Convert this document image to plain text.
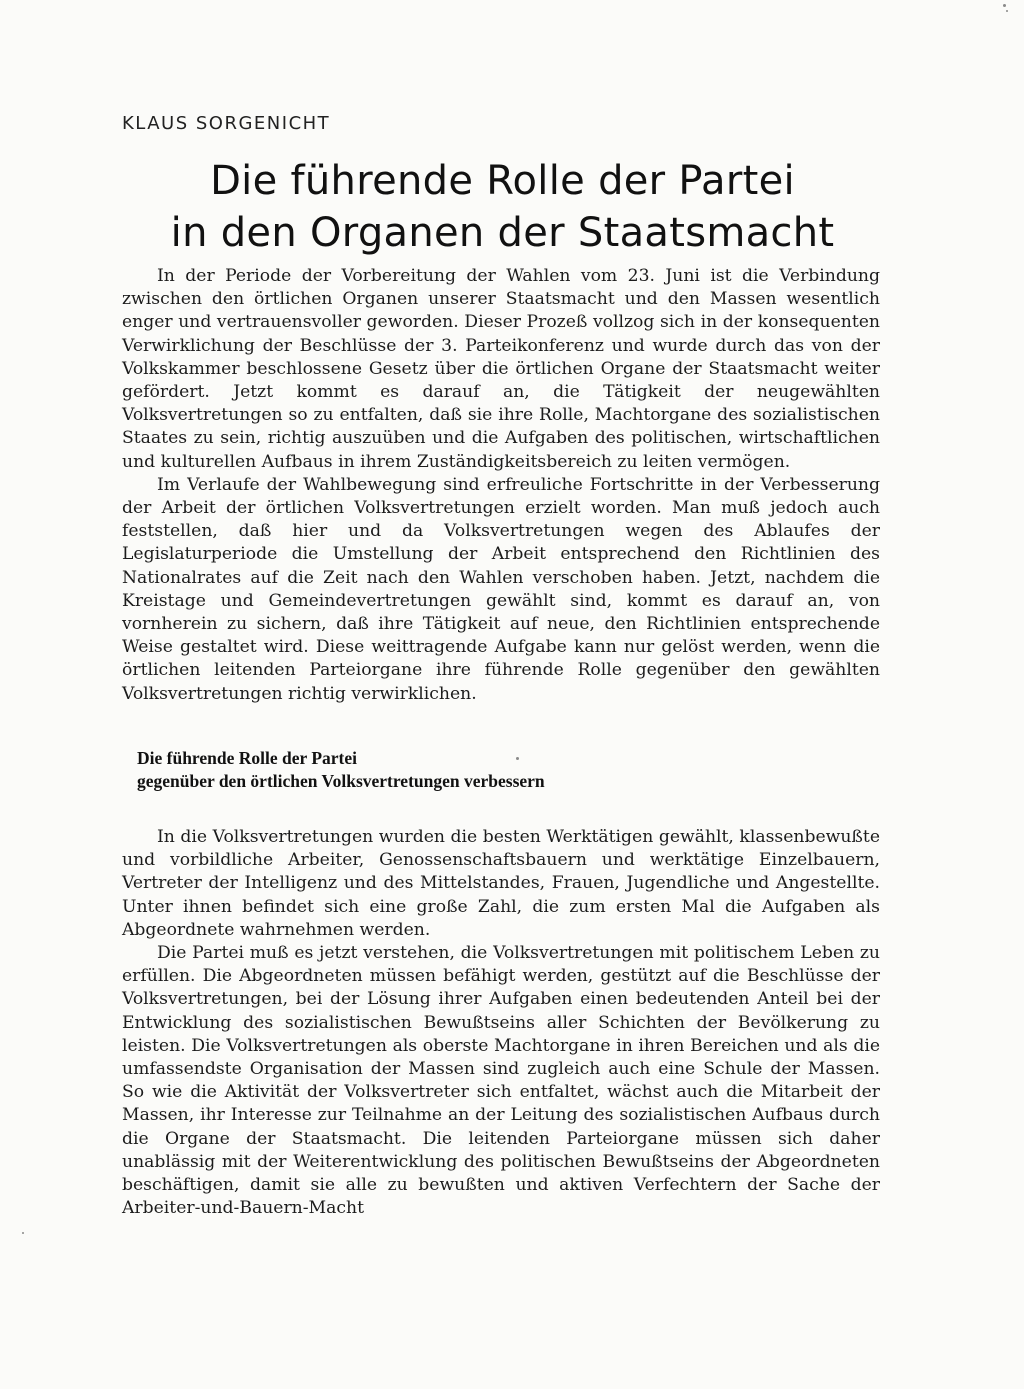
KLAUS SORGENICHT
Die führende Rolle der Partei
in den Organen der Staatsmacht

In der Periode der Vorbereitung der Wahlen vom 23. Juni ist die Verbindung zwischen den örtlichen Organen unserer Staatsmacht und den Massen wesentlich enger und vertrauensvoller geworden. Dieser Prozeß vollzog sich in der konsequenten Verwirklichung der Beschlüsse der 3. Parteikonferenz und wurde durch das von der Volkskammer beschlossene Gesetz über die örtlichen Organe der Staatsmacht weiter gefördert. Jetzt kommt es darauf an, die Tätigkeit der neugewählten Volksvertretungen so zu entfalten, daß sie ihre Rolle, Machtorgane des sozialistischen Staates zu sein, richtig auszuüben und die Aufgaben des politischen, wirtschaftlichen und kulturellen Aufbaus in ihrem Zuständigkeitsbereich zu leiten vermögen.

Im Verlaufe der Wahlbewegung sind erfreuliche Fortschritte in der Verbesserung der Arbeit der örtlichen Volksvertretungen erzielt worden. Man muß jedoch auch feststellen, daß hier und da Volksvertretungen wegen des Ablaufes der Legislaturperiode die Umstellung der Arbeit entsprechend den Richtlinien des Nationalrates auf die Zeit nach den Wahlen verschoben haben. Jetzt, nachdem die Kreistage und Gemeindevertretungen gewählt sind, kommt es darauf an, von vornherein zu sichern, daß ihre Tätigkeit auf neue, den Richtlinien entsprechende Weise gestaltet wird. Diese weittragende Aufgabe kann nur gelöst werden, wenn die örtlichen leitenden Parteiorgane ihre führende Rolle gegenüber den gewählten Volksvertretungen richtig verwirklichen.

Die führende Rolle der Partei
gegenüber den örtlichen Volksvertretungen verbessern

In die Volksvertretungen wurden die besten Werktätigen gewählt, klassenbewußte und vorbildliche Arbeiter, Genossenschaftsbauern und werktätige Einzelbauern, Vertreter der Intelligenz und des Mittelstandes, Frauen, Jugendliche und Angestellte. Unter ihnen befindet sich eine große Zahl, die zum ersten Mal die Aufgaben als Abgeordnete wahrnehmen werden.

Die Partei muß es jetzt verstehen, die Volksvertretungen mit politischem Leben zu erfüllen. Die Abgeordneten müssen befähigt werden, gestützt auf die Beschlüsse der Volksvertretungen, bei der Lösung ihrer Aufgaben einen bedeutenden Anteil bei der Entwicklung des sozialistischen Bewußtseins aller Schichten der Bevölkerung zu leisten. Die Volksvertretungen als oberste Machtorgane in ihren Bereichen und als die umfassendste Organisation der Massen sind zugleich auch eine Schule der Massen. So wie die Aktivität der Volksvertreter sich entfaltet, wächst auch die Mitarbeit der Massen, ihr Interesse zur Teilnahme an der Leitung des sozialistischen Aufbaus durch die Organe der Staatsmacht. Die leitenden Parteiorgane müssen sich daher unablässig mit der Weiterentwicklung des politischen Bewußtseins der Abgeordneten beschäftigen, damit sie alle zu bewußten und aktiven Verfechtern der Sache der Arbeiter-und-Bauern-Macht
